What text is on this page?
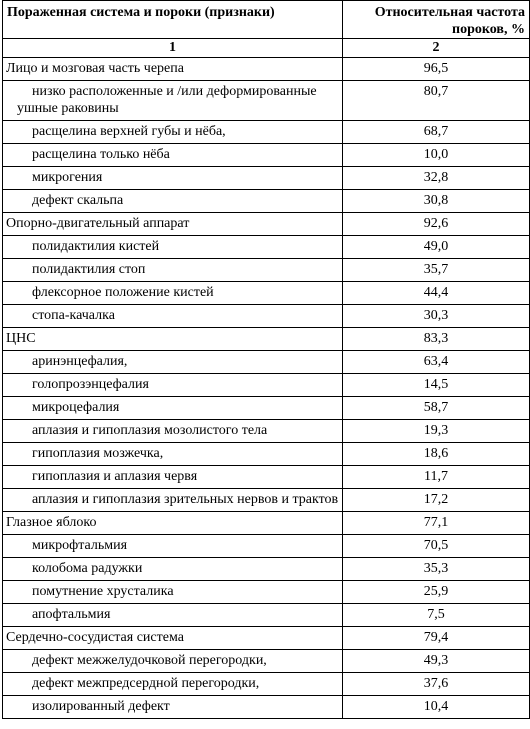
Пораженная система и пороки (признаки)	Относительная частота пороков, %
1	2
Лицо и мозговая часть черепа	96,5
низко расположенные и /или деформированные ушные раковины	80,7
расщелина верхней губы и нёба,	68,7
расщелина только нёба	10,0
микрогения	32,8
дефект скальпа	30,8
Опорно-двигательный аппарат	92,6
полидактилия кистей	49,0
полидактилия стоп	35,7
флексорное положение кистей	44,4
стопа-качалка	30,3
ЦНС	83,3
аринэнцефалия,	63,4
голопрозэнцефалия	14,5
микроцефалия	58,7
аплазия и гипоплазия мозолистого тела	19,3
гипоплазия мозжечка,	18,6
гипоплазия и аплазия червя	11,7
аплазия и гипоплазия зрительных нервов и трактов	17,2
Глазное яблоко	77,1
микрофтальмия	70,5
колобома радужки	35,3
помутнение хрусталика	25,9
апофтальмия	7,5
Сердечно-сосудистая система	79,4
дефект межжелудочковой перегородки,	49,3
дефект межпредсердной перегородки,	37,6
изолированный дефект	10,4
